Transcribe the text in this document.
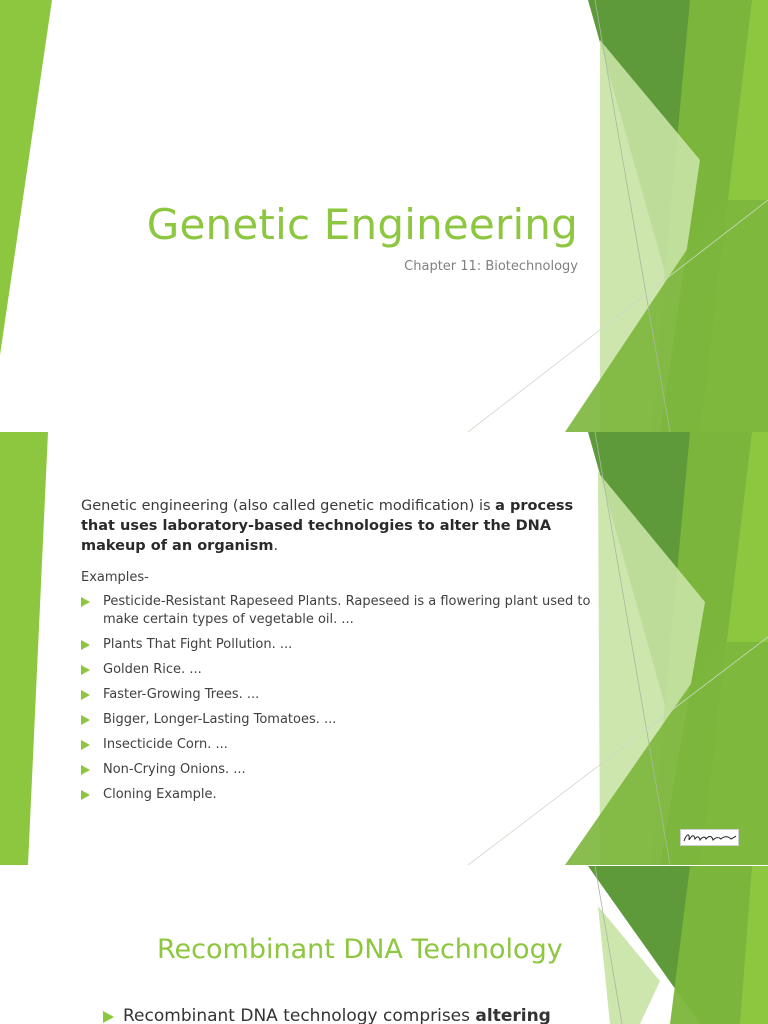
Genetic Engineering
Chapter 11: Biotechnology

Genetic engineering (also called genetic modification) is a process that uses laboratory-based technologies to alter the DNA makeup of an organism.

Examples-

Pesticide-Resistant Rapeseed Plants. Rapeseed is a flowering plant used to make certain types of vegetable oil. ...
Plants That Fight Pollution. ...
Golden Rice. ...
Faster-Growing Trees. ...
Bigger, Longer-Lasting Tomatoes. ...
Insecticide Corn. ...
Non-Crying Onions. ...
Cloning Example.
Recombinant DNA Technology
Recombinant DNA technology comprises altering
